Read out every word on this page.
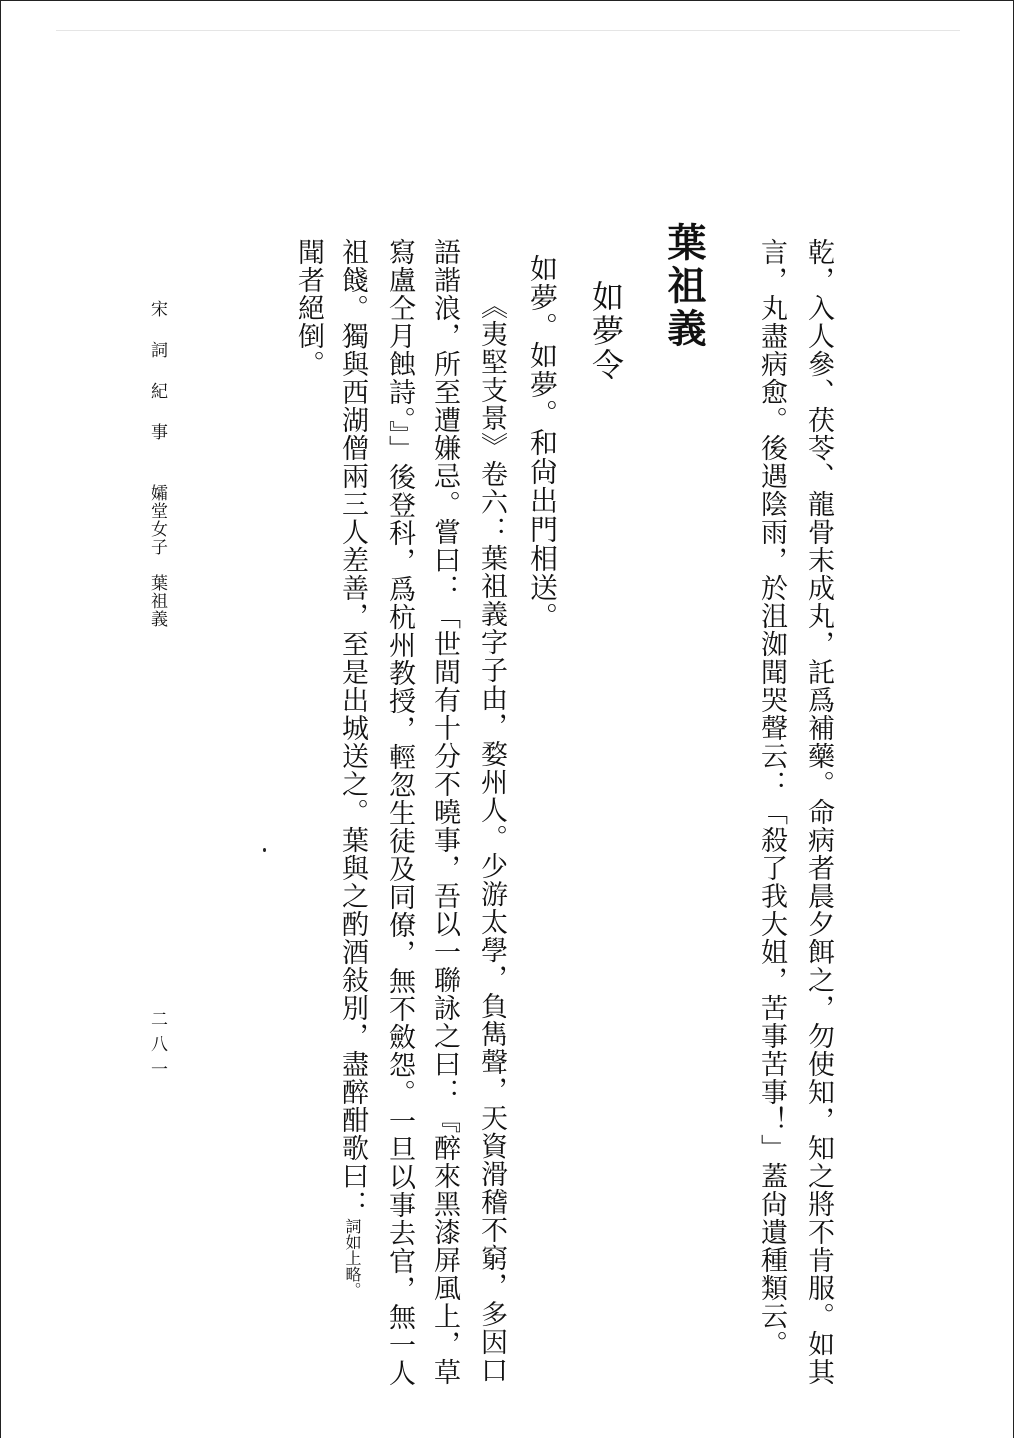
乾，入人參、茯苓、龍骨末成丸，託爲補藥。命病者晨夕餌之，勿使知，知之將不肯服。如其
言，丸盡病愈。後遇陰雨，於沮洳聞哭聲云：「殺了我大姐，苦事苦事！」蓋尙遺種類云。
葉祖義
如夢令
如夢。如夢。和尙出門相送。
《夷堅支景》卷六：葉祖義字子由，婺州人。少游太學，負雋聲，天資滑稽不窮，多因口
語諧浪，所至遭嫌忌。嘗曰：「世間有十分不曉事，吾以一聯詠之曰：『醉來黑漆屏風上，草
寫盧仝月蝕詩。』」後登科，爲杭州教授，輕忽生徒及同僚，無不斂怨。一旦以事去官，無一人
祖餞。獨與西湖僧兩三人差善，至是出城送之。葉與之酌酒敍別，盡醉酣歌曰：詞如上略。
聞者絕倒。
宋 詞 紀 事
孀堂女子　葉祖義
二八一
